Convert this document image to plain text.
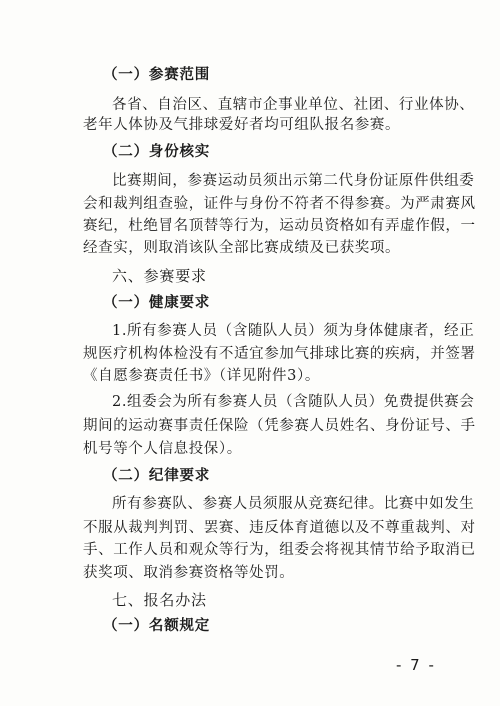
（一）参赛范围
各省、自治区、直辖市企事业单位、社团、行业体协、
老年人体协及气排球爱好者均可组队报名参赛。
（二）身份核实
比赛期间，参赛运动员须出示第二代身份证原件供组委
会和裁判组查验，证件与身份不符者不得参赛。为严肃赛风
赛纪，杜绝冒名顶替等行为，运动员资格如有弄虚作假，一
经查实，则取消该队全部比赛成绩及已获奖项。
六、参赛要求
（一）健康要求
1.所有参赛人员（含随队人员）须为身体健康者，经正
规医疗机构体检没有不适宜参加气排球比赛的疾病，并签署
《自愿参赛责任书》（详见附件3）。
2.组委会为所有参赛人员（含随队人员）免费提供赛会
期间的运动赛事责任保险（凭参赛人员姓名、身份证号、手
机号等个人信息投保）。
（二）纪律要求
所有参赛队、参赛人员须服从竞赛纪律。比赛中如发生
不服从裁判判罚、罢赛、违反体育道德以及不尊重裁判、对
手、工作人员和观众等行为，组委会将视其情节给予取消已
获奖项、取消参赛资格等处罚。
七、报名办法
（一）名额规定
- 7 -
